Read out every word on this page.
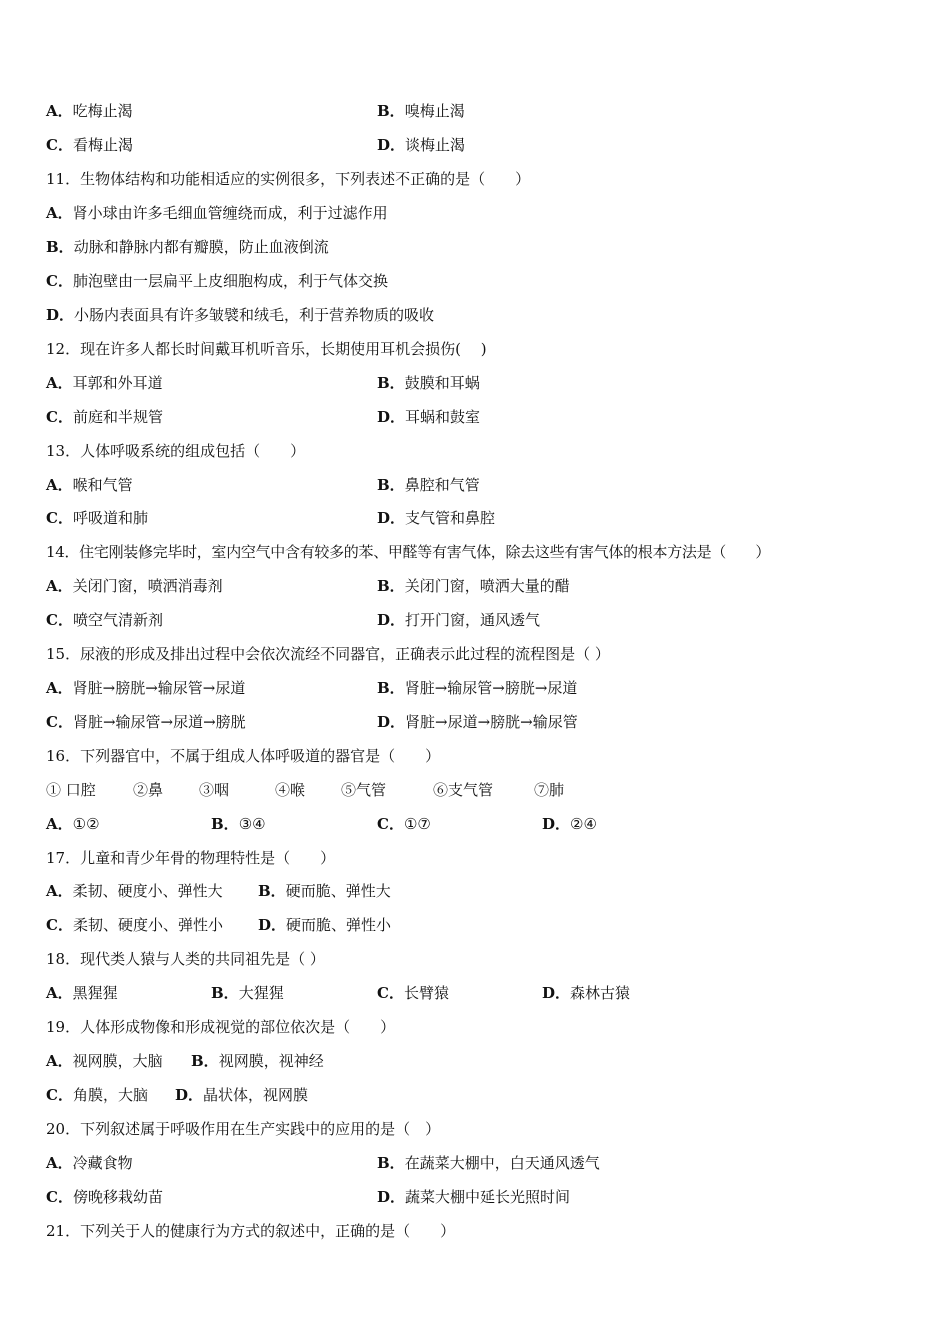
A．吃梅止渴	B．嗅梅止渴
C．看梅止渴	D．谈梅止渴
11．生物体结构和功能相适应的实例很多，下列表述不正确的是（　　）
A．肾小球由许多毛细血管缠绕而成，利于过滤作用
B．动脉和静脉内都有瓣膜，防止血液倒流
C．肺泡壁由一层扁平上皮细胞构成，利于气体交换
D．小肠内表面具有许多皱襞和绒毛，利于营养物质的吸收
12．现在许多人都长时间戴耳机听音乐，长期使用耳机会损伤(　 )
A．耳郭和外耳道	B．鼓膜和耳蜗
C．前庭和半规管	D．耳蜗和鼓室
13．人体呼吸系统的组成包括（　　）
A．喉和气管	B．鼻腔和气管
C．呼吸道和肺	D．支气管和鼻腔
14．住宅刚装修完毕时，室内空气中含有较多的苯、甲醛等有害气体，除去这些有害气体的根本方法是（　　）
A．关闭门窗，喷洒消毒剂	B．关闭门窗，喷洒大量的醋
C．喷空气清新剂	D．打开门窗，通风透气
15．尿液的形成及排出过程中会依次流经不同器官，正确表示此过程的流程图是（ ）
A．肾脏→膀胱→输尿管→尿道	B．肾脏→输尿管→膀胱→尿道
C．肾脏→输尿管→尿道→膀胱	D．肾脏→尿道→膀胱→输尿管
16．下列器官中，不属于组成人体呼吸道的器官是（　　）
① 口腔 ②鼻 ③咽	④喉 ⑤气管	⑥支气管	⑦肺
A．①②	B．③④	C．①⑦	D．②④
17．儿童和青少年骨的物理特性是（　　）
A．柔韧、硬度小、弹性大 B．硬而脆、弹性大
C．柔韧、硬度小、弹性小 D．硬而脆、弹性小
18．现代类人猿与人类的共同祖先是（ ）
A．黑猩猩	B．大猩猩	C．长臂猿	D．森林古猿
19．人体形成物像和形成视觉的部位依次是（　　）
A．视网膜，大脑 B．视网膜，视神经
C．角膜，大脑 D．晶状体，视网膜
20．下列叙述属于呼吸作用在生产实践中的应用的是（　）
A．冷藏食物	B．在蔬菜大棚中，白天通风透气
C．傍晚移栽幼苗	D．蔬菜大棚中延长光照时间
21．下列关于人的健康行为方式的叙述中，正确的是（　　）
